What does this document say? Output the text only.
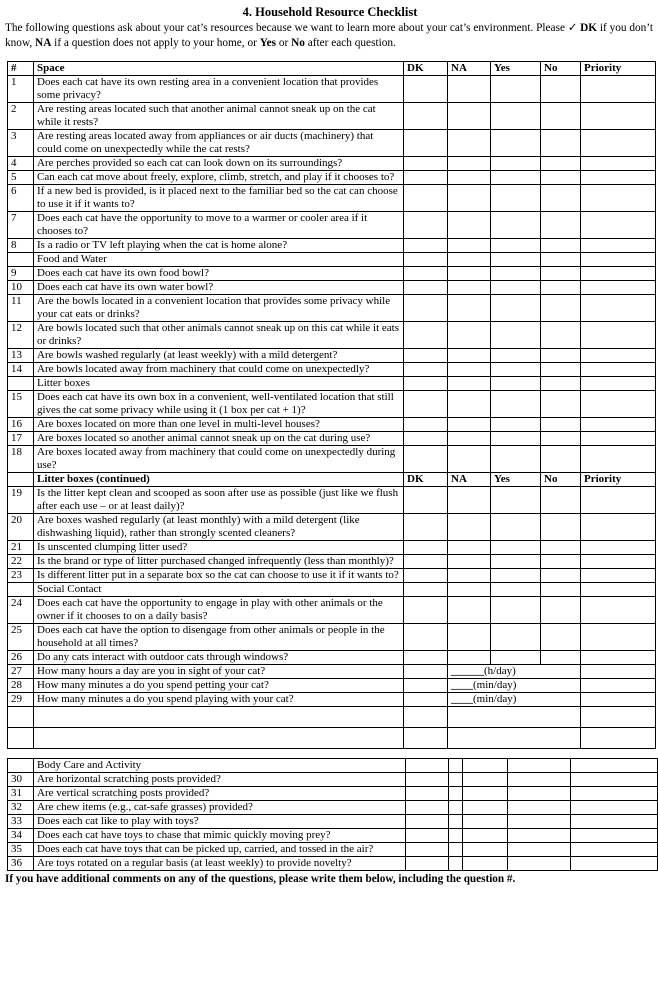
4. Household Resource Checklist
The following questions ask about your cat’s resources because we want to learn more about your cat’s environment. Please ✓ DK if you don’t know, NA if a question does not apply to your home, or Yes or No after each question.
#	Space	DK	NA	Yes	No	Priority
1	Does each cat have its own resting area in a convenient location that provides some privacy?					
2	Are resting areas located such that another animal cannot sneak up on the cat while it rests?					
3	Are resting areas located away from appliances or air ducts (machinery) that could come on unexpectedly while the cat rests?					
4	Are perches provided so each cat can look down on its surroundings?					
5	Can each cat move about freely, explore, climb, stretch, and play if it chooses to?					
6	If a new bed is provided, is it placed next to the familiar bed so the cat can choose to use it if it wants to?					
7	Does each cat have the opportunity to move to a warmer or cooler area if it chooses to?					
8	Is a radio or TV left playing when the cat is home alone?					
	Food and Water					
9	Does each cat have its own food bowl?					
10	Does each cat have its own water bowl?					
11	Are the bowls located in a convenient location that provides some privacy while your cat eats or drinks?					
12	Are bowls located such that other animals cannot sneak up on this cat while it eats or drinks?					
13	Are bowls washed regularly (at least weekly) with a mild detergent?					
14	Are bowls located away from machinery that could come on unexpectedly?					
	Litter boxes					
15	Does each cat have its own box in a convenient, well-ventilated location that still gives the cat some privacy while using it (1 box per cat + 1)?					
16	Are boxes located on more than one level in multi-level houses?					
17	Are boxes located so another animal cannot sneak up on the cat during use?					
18	Are boxes located away from machinery that could come on unexpectedly during use?					
	Litter boxes (continued)	DK	NA	Yes	No	Priority
19	Is the litter kept clean and scooped as soon after use as possible (just like we flush after each use – or at least daily)?					
20	Are boxes washed regularly (at least monthly) with a mild detergent (like dishwashing liquid), rather than strongly scented cleaners?					
21	Is unscented clumping litter used?					
22	Is the brand or type of litter purchased changed infrequently (less than monthly)?					
23	Is different litter put in a separate box so the cat can choose to use it if it wants to?					
	Social Contact					
24	Does each cat have the opportunity to engage in play with other animals or the owner if it chooses to on a daily basis?					
25	Does each cat have the option to disengage from other animals or people in the household at all times?					
26	Do any cats interact with outdoor cats through windows?					
27	How many hours a day are you in sight of your cat?		______(h/day)			
28	How many minutes a do you spend petting your cat?		____(min/day)			
29	How many minutes a do you spend playing with your cat?		____(min/day)			

	Body Care and Activity					
30	Are horizontal scratching posts provided?					
31	Are vertical scratching posts provided?					
32	Are chew items (e.g., cat-safe grasses) provided?					
33	Does each cat like to play with toys?					
34	Does each cat have toys to chase that mimic quickly moving prey?					
35	Does each cat have toys that can be picked up, carried, and tossed in the air?					
36	Are toys rotated on a regular basis (at least weekly) to provide novelty?					
If you have additional comments on any of the questions, please write them below, including the question #.
